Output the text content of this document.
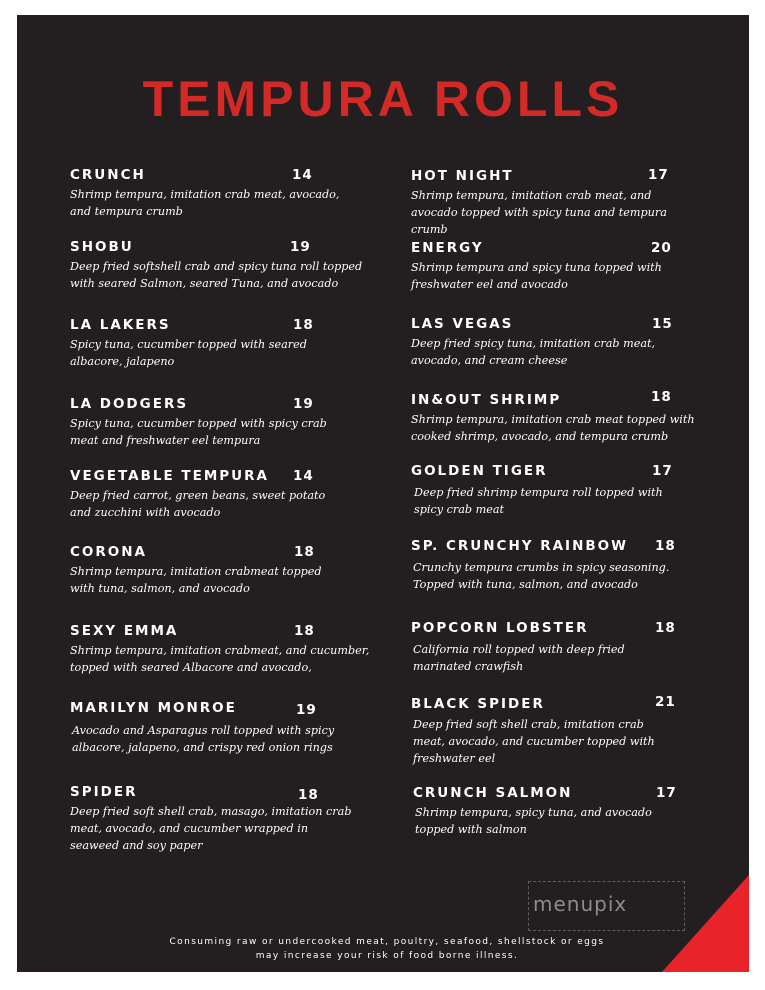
TEMPURA ROLLS
CRUNCH	14
Shrimp tempura, imitation crab meat, avocado, and tempura crumb
SHOBU	19
Deep fried softshell crab and spicy tuna roll topped with seared Salmon, seared Tuna, and avocado
LA LAKERS	18
Spicy tuna, cucumber topped with seared albacore, jalapeno
LA DODGERS	19
Spicy tuna, cucumber topped with spicy crab meat and freshwater eel tempura
VEGETABLE TEMPURA 14
Deep fried carrot, green beans, sweet potato and zucchini with avocado
CORONA	18
Shrimp tempura, imitation crabmeat topped with tuna, salmon, and avocado
SEXY EMMA	18
Shrimp tempura, imitation crabmeat, and cucumber, topped with seared Albacore and avocado,
MARILYN MONROE	19
Avocado and Asparagus roll topped with spicy albacore, jalapeno, and crispy red onion rings
SPIDER	18
Deep fried soft shell crab, masago, imitation crab meat, avocado, and cucumber wrapped in seaweed and soy paper
HOT NIGHT	17
Shrimp tempura, imitation crab meat, and avocado topped with spicy tuna and tempura crumb
ENERGY	20
Shrimp tempura and spicy tuna topped with freshwater eel and avocado
LAS VEGAS	15
Deep fried spicy tuna, imitation crab meat, avocado, and cream cheese
IN&OUT SHRIMP	18
Shrimp tempura, imitation crab meat topped with cooked shrimp, avocado, and tempura crumb
GOLDEN TIGER	17
Deep fried shrimp tempura roll topped with spicy crab meat
SP. CRUNCHY RAINBOW 18
Crunchy tempura crumbs in spicy seasoning. Topped with tuna, salmon, and avocado
POPCORN LOBSTER	18
California roll topped with deep fried marinated crawfish
BLACK SPIDER	21
Deep fried soft shell crab, imitation crab meat, avocado, and cucumber topped with freshwater eel
CRUNCH SALMON	17
Shrimp tempura, spicy tuna, and avocado topped with salmon
menupix
Consuming raw or undercooked meat, poultry, seafood, shellstock or eggs may increase your risk of food borne illness.
